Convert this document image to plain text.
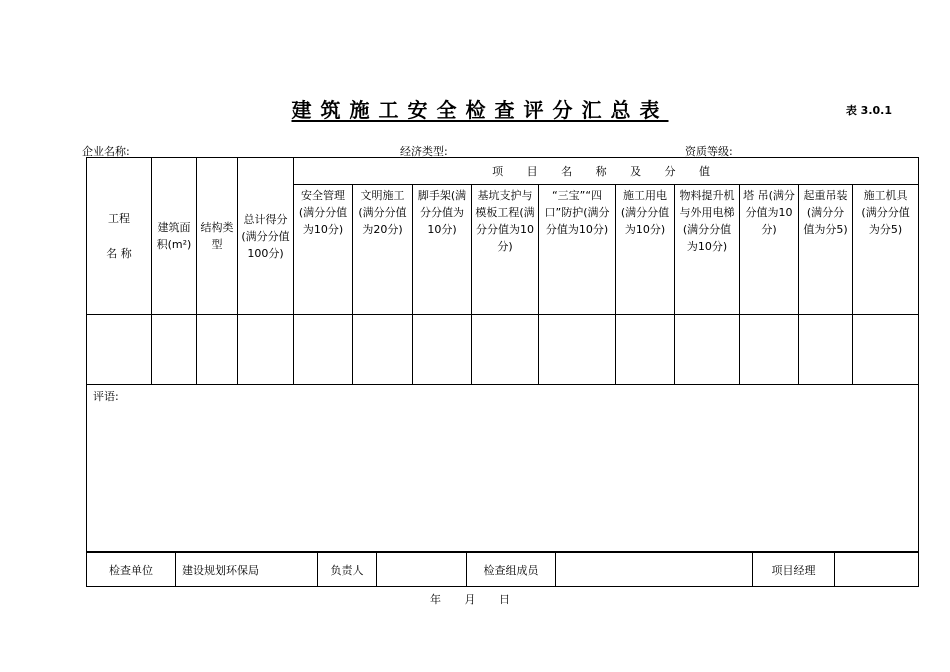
建筑施工安全检查评分汇总表	表 3.0.1
企业名称:	经济类型:	资质等级:
工程
名 称	建筑面积(m²)	结构类型	总计得分(满分分值100分)	项 目 名 称 及 分 值									
				安全管理(满分分值为10分)	文明施工(满分分值为20分)	脚手架(满分分值为10分)	基坑支护与模板工程(满分分值为10分)	“三宝”“四口”防护(满分分值为10分)	施工用电(满分分值为10分)	物料提升机与外用电梯(满分分值为10分)	塔 吊(满分分值为10分)	起重吊装(满分分值为分5)	施工机具(满分分值为分5)

评语:													
检查单位	建设规划环保局	负责人		检查组成员		项目经理	
年 月 日
